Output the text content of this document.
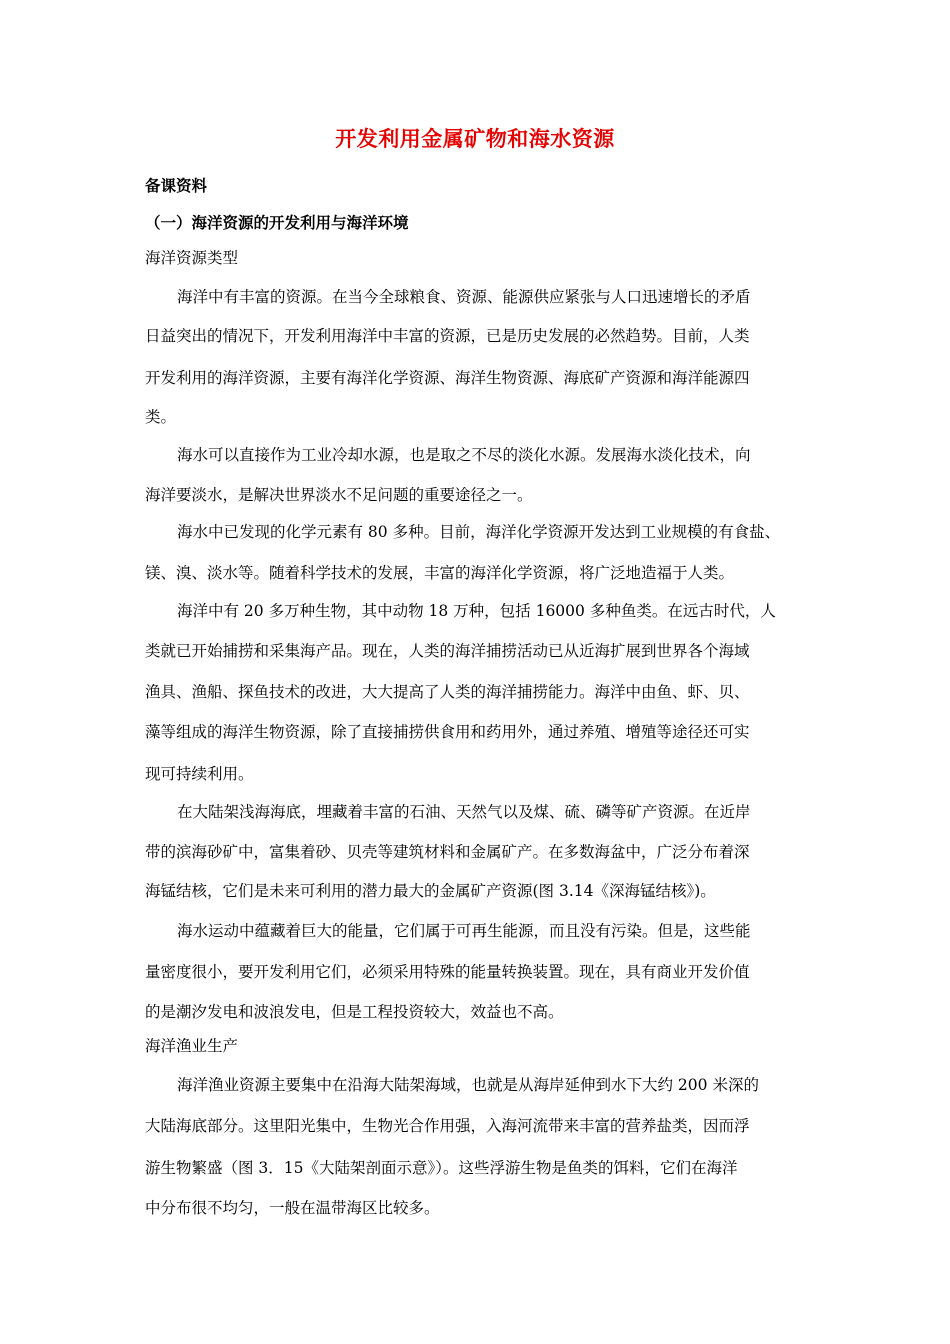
开发利用金属矿物和海水资源
备课资料
（一）海洋资源的开发利用与海洋环境
海洋资源类型
海洋中有丰富的资源。在当今全球粮食、资源、能源供应紧张与人口迅速增长的矛盾
日益突出的情况下，开发利用海洋中丰富的资源，已是历史发展的必然趋势。目前，人类
开发利用的海洋资源，主要有海洋化学资源、海洋生物资源、海底矿产资源和海洋能源四
类。
海水可以直接作为工业冷却水源，也是取之不尽的淡化水源。发展海水淡化技术，向
海洋要淡水，是解决世界淡水不足问题的重要途径之一。
海水中已发现的化学元素有 80 多种。目前，海洋化学资源开发达到工业规模的有食盐、
镁、溴、淡水等。随着科学技术的发展，丰富的海洋化学资源，将广泛地造福于人类。
海洋中有 20 多万种生物，其中动物 18 万种，包括 16000 多种鱼类。在远古时代，人
类就已开始捕捞和采集海产品。现在，人类的海洋捕捞活动已从近海扩展到世界各个海域
渔具、渔船、探鱼技术的改进，大大提高了人类的海洋捕捞能力。海洋中由鱼、虾、贝、
藻等组成的海洋生物资源，除了直接捕捞供食用和药用外，通过养殖、增殖等途径还可实
现可持续利用。
在大陆架浅海海底，埋藏着丰富的石油、天然气以及煤、硫、磷等矿产资源。在近岸
带的滨海砂矿中，富集着砂、贝壳等建筑材料和金属矿产。在多数海盆中，广泛分布着深
海锰结核，它们是未来可利用的潜力最大的金属矿产资源(图 3.14《深海锰结核》)。
海水运动中蕴藏着巨大的能量，它们属于可再生能源，而且没有污染。但是，这些能
量密度很小，要开发利用它们，必须采用特殊的能量转换装置。现在，具有商业开发价值
的是潮汐发电和波浪发电，但是工程投资较大，效益也不高。
海洋渔业生产
海洋渔业资源主要集中在沿海大陆架海域，也就是从海岸延伸到水下大约 200 米深的
大陆海底部分。这里阳光集中，生物光合作用强，入海河流带来丰富的营养盐类，因而浮
游生物繁盛（图 3．15《大陆架剖面示意》）。这些浮游生物是鱼类的饵料，它们在海洋
中分布很不均匀，一般在温带海区比较多。
